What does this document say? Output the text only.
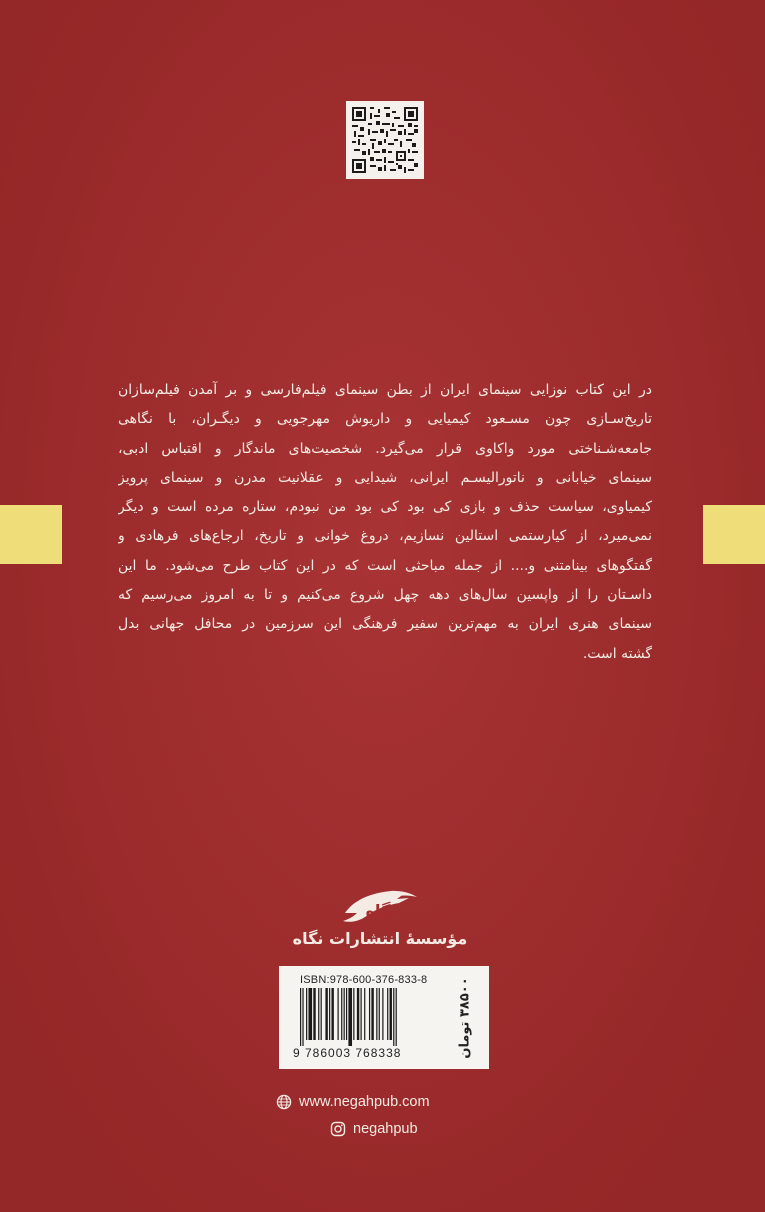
در این کتاب نوزایی سینمای ایران از بطن سینمای فیلم‌فارسی و بر آمدن فیلم‌سازان
تاریخ‌سـازی چون مسـعود کیمیایی و داریوش مهرجویی و دیگـران، با نگاهی
جامعه‌شـناختی مورد واکاوی قرار می‌گیرد. شخصیت‌های ماندگار و اقتباس ادبی،
سینمای خیابانی و ناتورالیسـم ایرانی، شیدایی و عقلانیت مدرن و سینمای پرویز
کیمیاوی، سیاست حذف و بازی کی بود کی بود من نبودم، ستاره مرده است و دیگر
نمی‌میرد، از کیارستمی استالین نسازیم، دروغ خوانی و تاریخ، ارجاع‌های فرهادی و
گفتگوهای بینامتنی و.... از جمله مباحثی است که در این کتاب طرح می‌شود. ما این
داسـتان را از واپسین سال‌های دهه چهل شروع می‌کنیم و تا به امروز می‌رسیم که
سینمای هنری ایران به مهم‌ترین سفیر فرهنگی این سرزمین در محافل جهانی بدل
گشته است.
نگاه
مؤسسهٔ انتشارات نگاه
ISBN:978-600-376-833-8
9 786003 768338	۳۸۵۰۰ تومان
www.negahpub.com
negahpub
